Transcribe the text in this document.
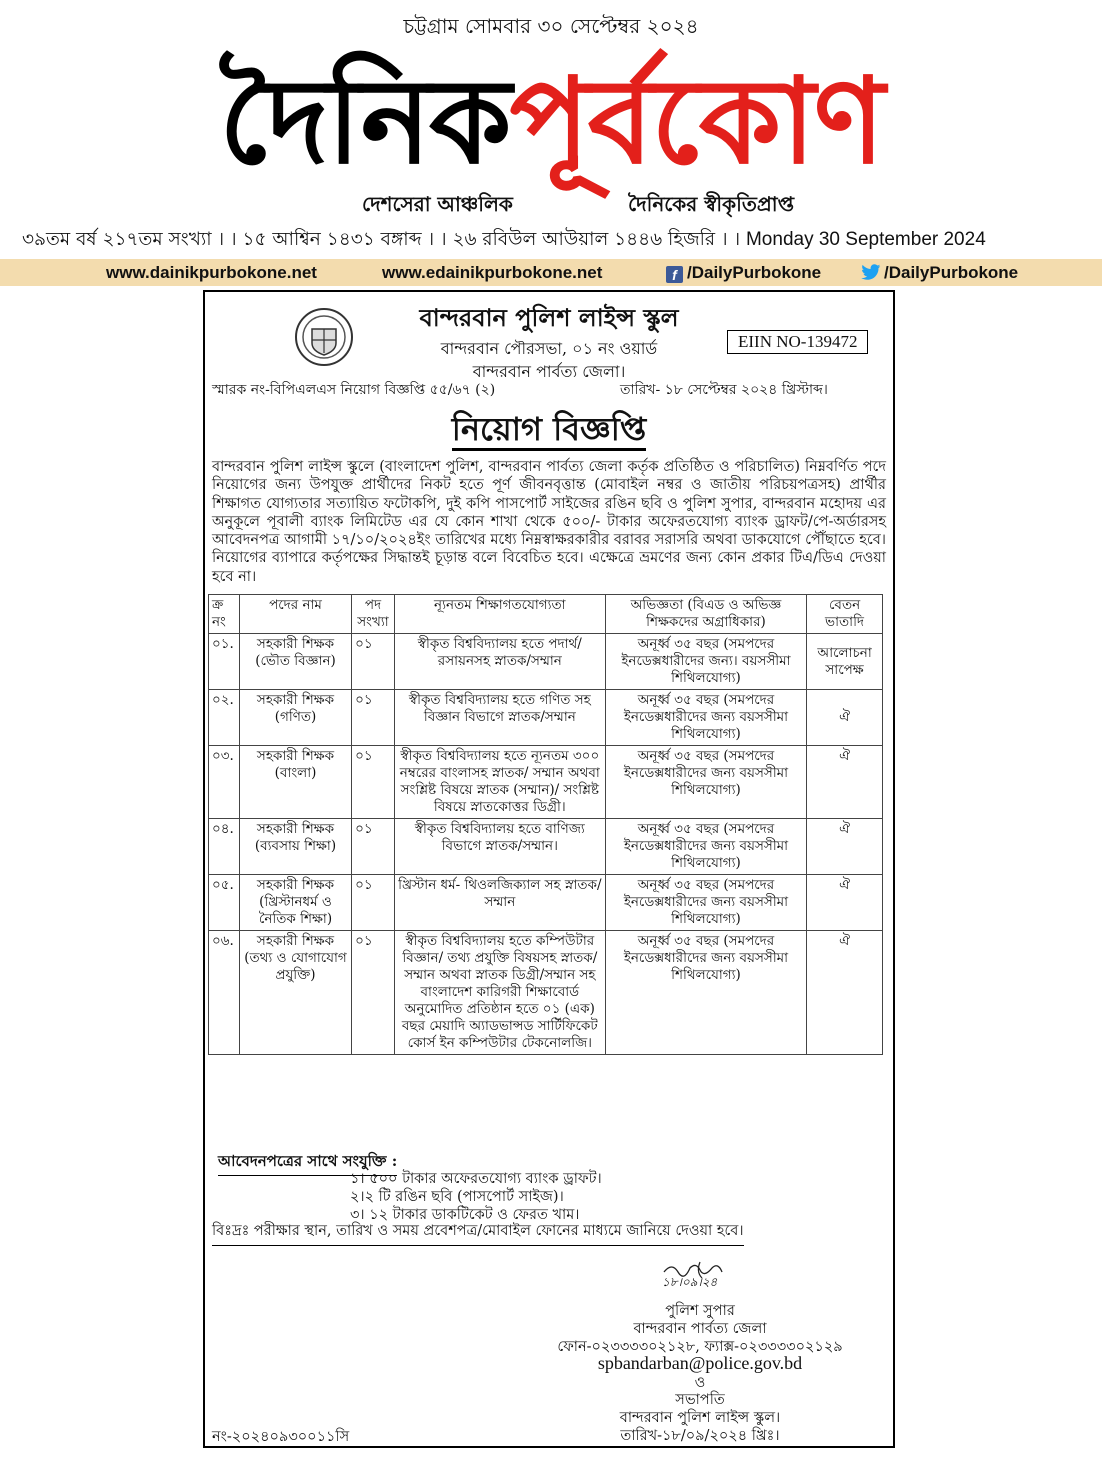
চট্টগ্রাম সোমবার ৩০ সেপ্টেম্বর ২০২৪
দৈনিকপূর্বকোণ
দেশসেরা আঞ্চলিক	দৈনিকের স্বীকৃতিপ্রাপ্ত
৩৯তম বর্ষ ২১৭তম সংখ্যা । । ১৫ আশ্বিন ১৪৩১ বঙ্গাব্দ । । ২৬ রবিউল আউয়াল ১৪৪৬ হিজরি । । Monday 30 September 2024
www.dainikpurbokone.net	www.edainikpurbokone.net	f /DailyPurbokone	/DailyPurbokone
বান্দরবান পুলিশ লাইন্স স্কুল
বান্দরবান পৌরসভা, ০১ নং ওয়ার্ড
বান্দরবান পার্বত্য জেলা।
EIIN NO-139472
স্মারক নং-বিপিএলএস নিয়োগ বিজ্ঞপ্তি ৫৫/৬৭ (২)	তারিখ- ১৮ সেপ্টেম্বর ২০২৪ খ্রিস্টাব্দ।
নিয়োগ বিজ্ঞপ্তি
বান্দরবান পুলিশ লাইন্স স্কুলে (বাংলাদেশ পুলিশ, বান্দরবান পার্বত্য জেলা কর্তৃক প্রতিষ্ঠিত ও পরিচালিত) নিম্নবর্ণিত পদে নিয়োগের জন্য উপযুক্ত প্রার্থীদের নিকট হতে পূর্ণ জীবনবৃত্তান্ত (মোবাইল নম্বর ও জাতীয় পরিচয়পত্রসহ) প্রার্থীর শিক্ষাগত যোগ্যতার সত্যায়িত ফটোকপি, দুই কপি পাসপোর্ট সাইজের রঙিন ছবি ও পুলিশ সুপার, বান্দরবান মহোদয় এর অনুকূলে পূবালী ব্যাংক লিমিটেড এর যে কোন শাখা থেকে ৫০০/- টাকার অফেরতযোগ্য ব্যাংক ড্রাফট/পে-অর্ডারসহ আবেদনপত্র আগামী ১৭/১০/২০২৪ইং তারিখের মধ্যে নিম্নস্বাক্ষরকারীর বরাবর সরাসরি অথবা ডাকযোগে পৌঁছাতে হবে। নিয়োগের ব্যাপারে কর্তৃপক্ষের সিদ্ধান্তই চূড়ান্ত বলে বিবেচিত হবে। এক্ষেত্রে ভ্রমণের জন্য কোন প্রকার টিএ/ডিএ দেওয়া হবে না।
ক্র নং	পদের নাম	পদ সংখ্যা	ন্যূনতম শিক্ষাগতযোগ্যতা	অভিজ্ঞতা (বিএড ও অভিজ্ঞ শিক্ষকদের অগ্রাধিকার)	বেতন ভাতাদি
০১.	সহকারী শিক্ষক (ভৌত বিজ্ঞান)	০১	স্বীকৃত বিশ্ববিদ্যালয় হতে পদার্থ/রসায়নসহ স্নাতক/সম্মান	অনূর্ধ্ব ৩৫ বছর (সমপদের ইনডেক্সধারীদের জন্য। বয়সসীমা শিথিলযোগ্য)	আলোচনা সাপেক্ষ
০২.	সহকারী শিক্ষক (গণিত)	০১	স্বীকৃত বিশ্ববিদ্যালয় হতে গণিত সহ বিজ্ঞান বিভাগে স্নাতক/সম্মান	অনূর্ধ্ব ৩৫ বছর (সমপদের ইনডেক্সধারীদের জন্য বয়সসীমা শিথিলযোগ্য)	ঐ
০৩.	সহকারী শিক্ষক (বাংলা)	০১	স্বীকৃত বিশ্ববিদ্যালয় হতে ন্যূনতম ৩০০ নম্বরের বাংলাসহ স্নাতক/ সম্মান অথবা সংশ্লিষ্ট বিষয়ে স্নাতক (সম্মান)/ সংশ্লিষ্ট বিষয়ে স্নাতকোত্তর ডিগ্রী।	অনূর্ধ্ব ৩৫ বছর (সমপদের ইনডেক্সধারীদের জন্য বয়সসীমা শিথিলযোগ্য)	ঐ
০৪.	সহকারী শিক্ষক (ব্যবসায় শিক্ষা)	০১	স্বীকৃত বিশ্ববিদ্যালয় হতে বাণিজ্য বিভাগে স্নাতক/সম্মান।	অনূর্ধ্ব ৩৫ বছর (সমপদের ইনডেক্সধারীদের জন্য বয়সসীমা শিথিলযোগ্য)	ঐ
০৫.	সহকারী শিক্ষক (খ্রিস্টানধর্ম ও নৈতিক শিক্ষা)	০১	খ্রিস্টান ধর্ম- থিওলজিক্যাল সহ স্নাতক/সম্মান	অনূর্ধ্ব ৩৫ বছর (সমপদের ইনডেক্সধারীদের জন্য বয়সসীমা শিথিলযোগ্য)	ঐ
০৬.	সহকারী শিক্ষক (তথ্য ও যোগাযোগ প্রযুক্তি)	০১	স্বীকৃত বিশ্ববিদ্যালয় হতে কম্পিউটার বিজ্ঞান/ তথ্য প্রযুক্তি বিষয়সহ স্নাতক/সম্মান অথবা স্নাতক ডিগ্রী/সম্মান সহ বাংলাদেশ কারিগরী শিক্ষাবোর্ড অনুমোদিত প্রতিষ্ঠান হতে ০১ (এক) বছর মেয়াদি অ্যাডভান্সড সার্টিফিকেট কোর্স ইন কম্পিউটার টেকনোলজি।	অনূর্ধ্ব ৩৫ বছর (সমপদের ইনডেক্সধারীদের জন্য বয়সসীমা শিথিলযোগ্য)	ঐ
আবেদনপত্রের সাথে সংযুক্তি :
১। ৫০০ টাকার অফেরতযোগ্য ব্যাংক ড্রাফট।
২।২ টি রঙিন ছবি (পাসপোর্ট সাইজ)।
৩। ১২ টাকার ডাকটিকেট ও ফেরত খাম।
বিঃদ্রঃ পরীক্ষার স্থান, তারিখ ও সময় প্রবেশপত্র/মোবাইল ফোনের মাধ্যমে জানিয়ে দেওয়া হবে।
১৮।০৯।২৪
পুলিশ সুপার
বান্দরবান পার্বত্য জেলা
ফোন-০২৩৩৩৩০২১২৮, ফ্যাক্স-০২৩৩৩৩০২১২৯
spbandarban@police.gov.bd
ও
সভাপতি
বান্দরবান পুলিশ লাইন্স স্কুল।
তারিখ-১৮/০৯/২০২৪ খ্রিঃ।
নং-২০২৪০৯৩০০১১সি
